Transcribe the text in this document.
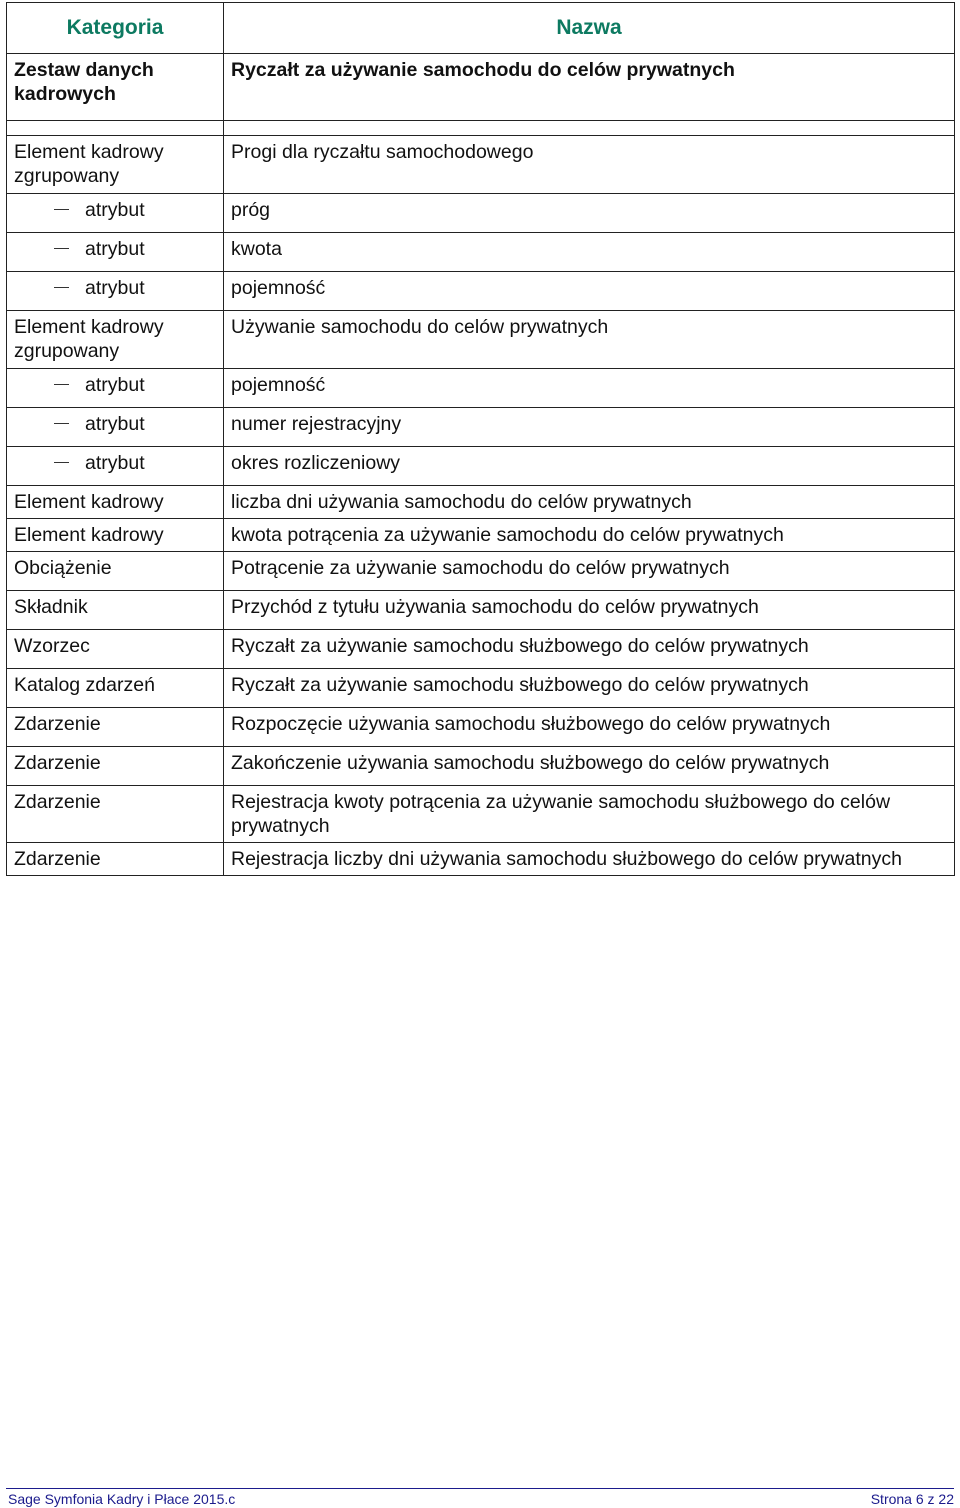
Kategoria	Nazwa
Zestaw danych kadrowych	Ryczałt za używanie samochodu do celów prywatnych

Element kadrowy zgrupowany	Progi dla ryczałtu samochodowego

atrybut	próg

atrybut	kwota

atrybut	pojemność
Element kadrowy zgrupowany	Używanie samochodu do celów prywatnych

atrybut	pojemność

atrybut	numer rejestracyjny

atrybut	okres rozliczeniowy
Element kadrowy	liczba dni używania samochodu do celów prywatnych
Element kadrowy	kwota potrącenia za używanie samochodu do celów prywatnych
Obciążenie	Potrącenie za używanie samochodu do celów prywatnych
Składnik	Przychód z tytułu używania samochodu do celów prywatnych
Wzorzec	Ryczałt za używanie samochodu służbowego do celów prywatnych
Katalog zdarzeń	Ryczałt za używanie samochodu służbowego do celów prywatnych
Zdarzenie	Rozpoczęcie używania samochodu służbowego do celów prywatnych
Zdarzenie	Zakończenie używania samochodu służbowego do celów prywatnych
Zdarzenie	Rejestracja kwoty potrącenia za używanie samochodu służbowego do celów prywatnych
Zdarzenie	Rejestracja liczby dni używania samochodu służbowego do celów prywatnych
Sage Symfonia Kadry i Płace 2015.c	Strona 6 z 22
